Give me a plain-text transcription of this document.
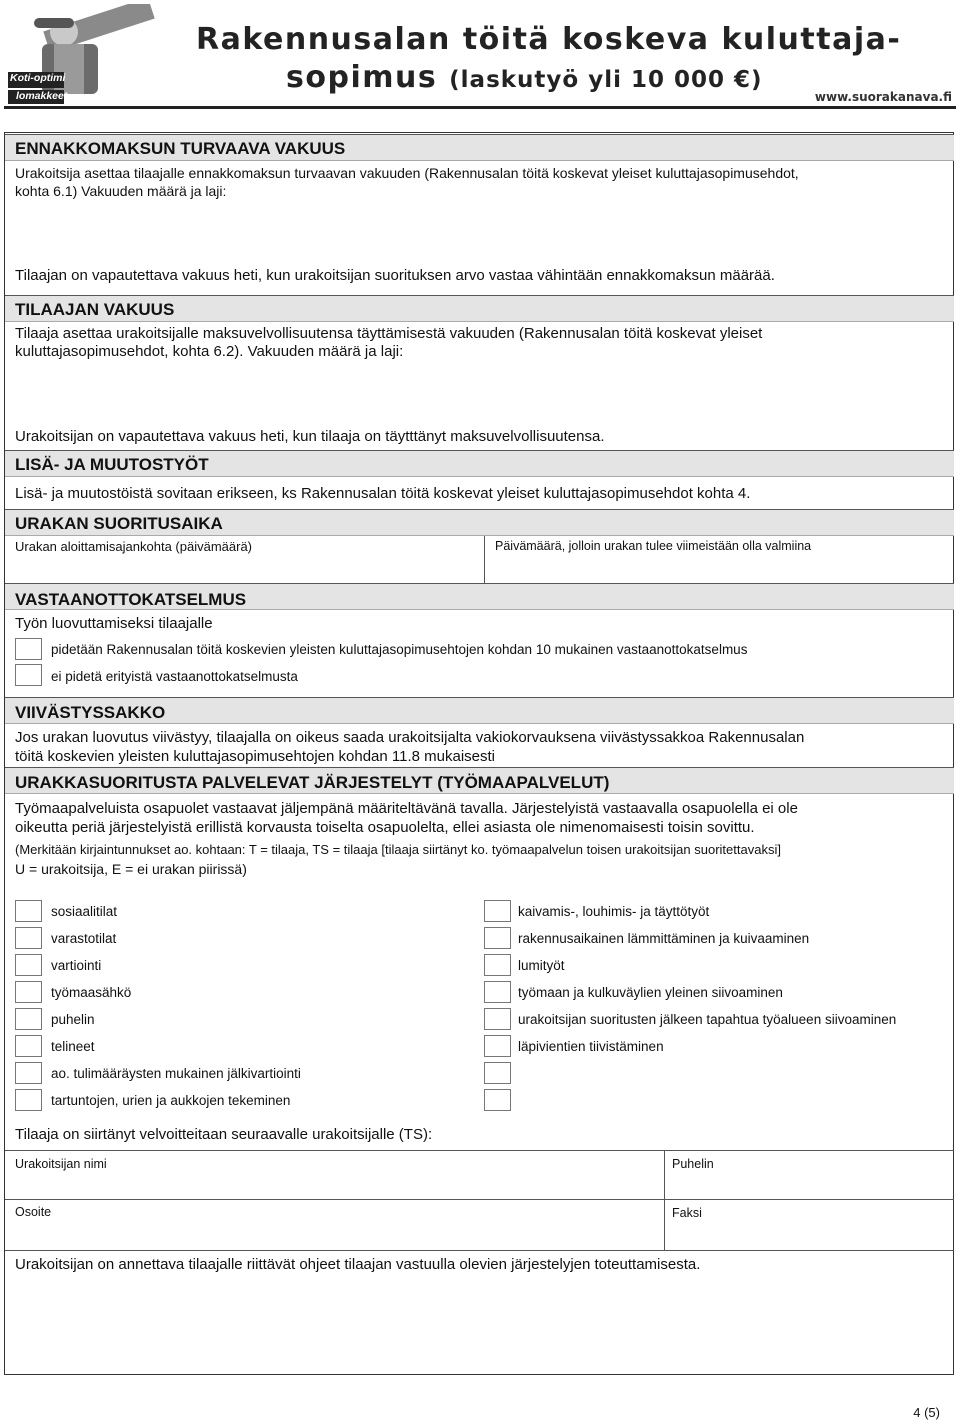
Koti-optimi
lomakkeet
Rakennusalan töitä koskeva kuluttaja-
sopimus (laskutyö yli 10 000 €)
www.suorakanava.fi
ENNAKKOMAKSUN TURVAAVA VAKUUS
Urakoitsija asettaa tilaajalle ennakkomaksun turvaavan vakuuden (Rakennusalan töitä koskevat yleiset kuluttajasopimusehdot,
kohta 6.1) Vakuuden määrä ja laji:
Tilaajan on vapautettava vakuus heti, kun urakoitsijan suorituksen arvo vastaa vähintään ennakkomaksun määrää.
TILAAJAN VAKUUS
Tilaaja asettaa urakoitsijalle maksuvelvollisuutensa täyttämisestä vakuuden (Rakennusalan töitä koskevat yleiset
kuluttajasopimusehdot, kohta 6.2). Vakuuden määrä ja laji:
Urakoitsijan on vapautettava vakuus heti, kun tilaaja on täytttänyt maksuvelvollisuutensa.
LISÄ- JA MUUTOSTYÖT
Lisä- ja muutostöistä sovitaan erikseen, ks Rakennusalan töitä koskevat yleiset kuluttajasopimusehdot kohta 4.
URAKAN SUORITUSAIKA
Urakan aloittamisajankohta (päivämäärä)	Päivämäärä, jolloin urakan tulee viimeistään olla valmiina
VASTAANOTTOKATSELMUS
Työn luovuttamiseksi tilaajalle
pidetään Rakennusalan töitä koskevien yleisten kuluttajasopimusehtojen kohdan 10 mukainen vastaanottokatselmus
ei pidetä erityistä vastaanottokatselmusta
VIIVÄSTYSSAKKO
Jos urakan luovutus viivästyy, tilaajalla on oikeus saada urakoitsijalta vakiokorvauksena viivästyssakkoa Rakennusalan
töitä koskevien yleisten kuluttajasopimusehtojen kohdan 11.8 mukaisesti
URAKKASUORITUSTA PALVELEVAT JÄRJESTELYT (TYÖMAAPALVELUT)
Työmaapalveluista osapuolet vastaavat jäljempänä määriteltävänä tavalla. Järjestelyistä vastaavalla osapuolella ei ole
oikeutta periä järjestelyistä erillistä korvausta toiselta osapuolelta, ellei asiasta ole nimenomaisesti toisin sovittu.
(Merkitään kirjaintunnukset ao. kohtaan: T = tilaaja, TS = tilaaja [tilaaja siirtänyt ko. työmaapalvelun toisen urakoitsijan suoritettavaksi]
U = urakoitsija, E = ei urakan piirissä)
sosiaalitilat
varastotilat
vartiointi
työmaasähkö
puhelin
telineet
ao. tulimääräysten mukainen jälkivartiointi
tartuntojen, urien ja aukkojen tekeminen
kaivamis-, louhimis- ja täyttötyöt
rakennusaikainen lämmittäminen ja kuivaaminen
lumityöt
työmaan ja kulkuväylien yleinen siivoaminen
urakoitsijan suoritusten jälkeen tapahtua työalueen siivoaminen
läpivientien tiivistäminen
Tilaaja on siirtänyt velvoitteitaan seuraavalle urakoitsijalle (TS):
Urakoitsijan nimi	Puhelin
Osoite	Faksi
Urakoitsijan on annettava tilaajalle riittävät ohjeet tilaajan vastuulla olevien järjestelyjen toteuttamisesta.
4 (5)
